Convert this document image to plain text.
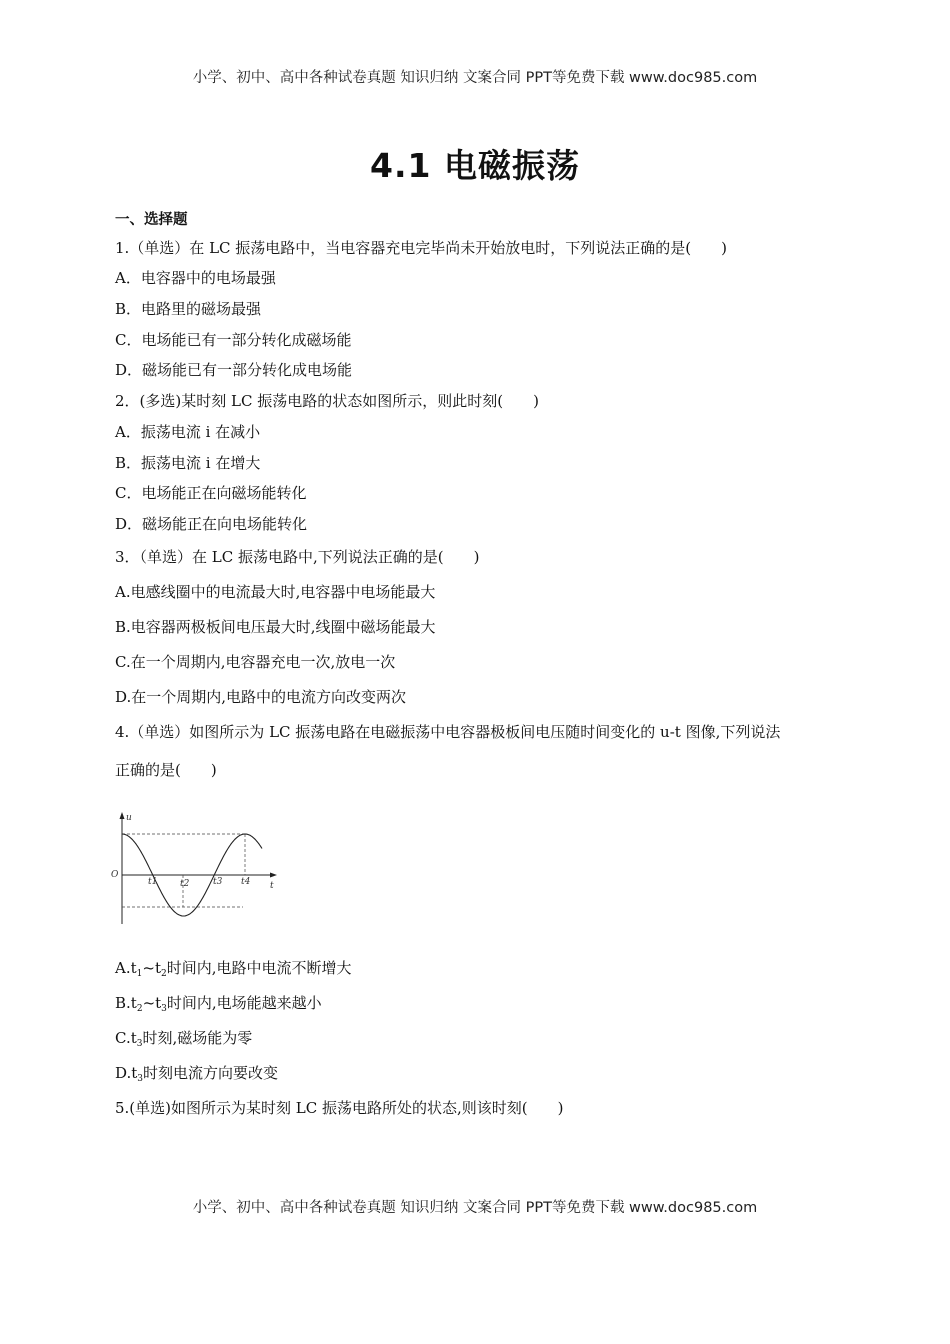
小学、初中、高中各种试卷真题 知识归纳 文案合同 PPT等免费下载 www.doc985.com
4.1 电磁振荡
一、选择题
1.（单选）在 LC 振荡电路中，当电容器充电完毕尚未开始放电时，下列说法正确的是(　　)
A．电容器中的电场最强
B．电路里的磁场最强
C．电场能已有一部分转化成磁场能
D．磁场能已有一部分转化成电场能
2．(多选)某时刻 LC 振荡电路的状态如图所示，则此时刻(　　)
A．振荡电流 i 在减小
B．振荡电流 i 在增大
C．电场能正在向磁场能转化
D．磁场能正在向电场能转化
3．（单选）在 LC 振荡电路中,下列说法正确的是(　　)
A.电感线圈中的电流最大时,电容器中电场能最大
B.电容器两极板间电压最大时,线圈中磁场能最大
C.在一个周期内,电容器充电一次,放电一次
D.在一个周期内,电路中的电流方向改变两次
4.（单选）如图所示为 LC 振荡电路在电磁振荡中电容器极板间电压随时间变化的 u-t 图像,下列说法
正确的是(　　)
u
t
O
t1	t2	t3 t4
$A.t_1\sim t_2$时间内,电路中电流不断增大
$B.t_2\sim t_3$时间内,电场能越来越小
$C.t_3$时刻,磁场能为零
$D.t_3$时刻电流方向要改变
5.(单选)如图所示为某时刻 LC 振荡电路所处的状态,则该时刻(　　)
小学、初中、高中各种试卷真题 知识归纳 文案合同 PPT等免费下载 www.doc985.com
